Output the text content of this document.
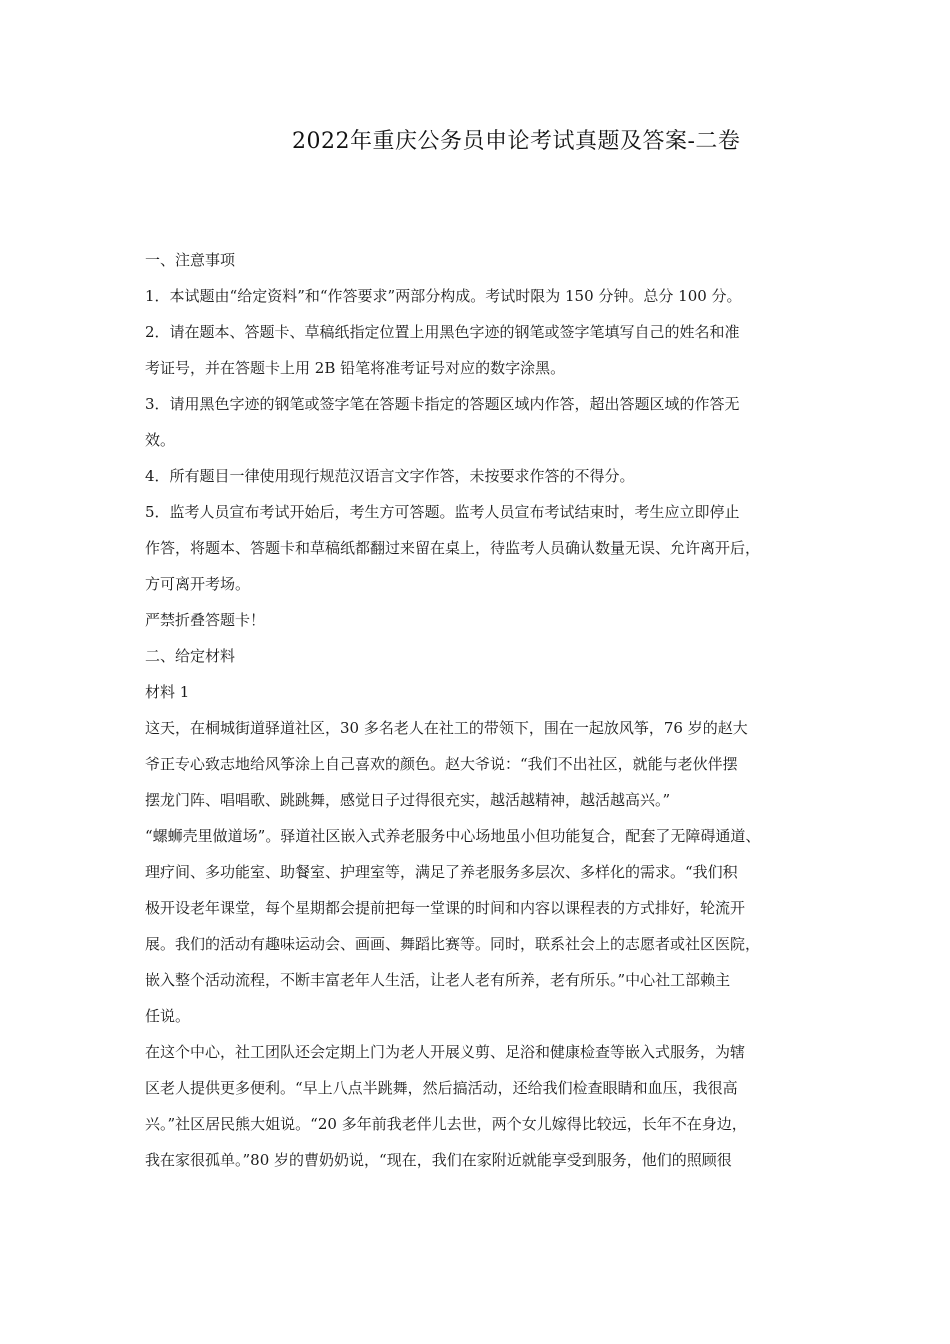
2022年重庆公务员申论考试真题及答案-二卷
一、注意事项
1．本试题由“给定资料”和“作答要求”两部分构成。考试时限为 150 分钟。总分 100 分。
2．请在题本、答题卡、草稿纸指定位置上用黑色字迹的钢笔或签字笔填写自己的姓名和准
考证号，并在答题卡上用 2B 铅笔将准考证号对应的数字涂黑。
3．请用黑色字迹的钢笔或签字笔在答题卡指定的答题区域内作答，超出答题区域的作答无
效。
4．所有题目一律使用现行规范汉语言文字作答，未按要求作答的不得分。
5．监考人员宣布考试开始后，考生方可答题。监考人员宣布考试结束时，考生应立即停止
作答，将题本、答题卡和草稿纸都翻过来留在桌上，待监考人员确认数量无误、允许离开后，
方可离开考场。
严禁折叠答题卡！
二、给定材料
材料 1
这天，在桐城街道驿道社区，30 多名老人在社工的带领下，围在一起放风筝，76 岁的赵大
爷正专心致志地给风筝涂上自己喜欢的颜色。赵大爷说：“我们不出社区，就能与老伙伴摆
摆龙门阵、唱唱歌、跳跳舞，感觉日子过得很充实，越活越精神，越活越高兴。”
“螺蛳壳里做道场”。驿道社区嵌入式养老服务中心场地虽小但功能复合，配套了无障碍通道、
理疗间、多功能室、助餐室、护理室等，满足了养老服务多层次、多样化的需求。“我们积
极开设老年课堂，每个星期都会提前把每一堂课的时间和内容以课程表的方式排好，轮流开
展。我们的活动有趣味运动会、画画、舞蹈比赛等。同时，联系社会上的志愿者或社区医院，
嵌入整个活动流程，不断丰富老年人生活，让老人老有所养，老有所乐。”中心社工部赖主
任说。
在这个中心，社工团队还会定期上门为老人开展义剪、足浴和健康检查等嵌入式服务，为辖
区老人提供更多便利。“早上八点半跳舞，然后搞活动，还给我们检查眼睛和血压，我很高
兴。”社区居民熊大姐说。“20 多年前我老伴儿去世，两个女儿嫁得比较远，长年不在身边，
我在家很孤单。”80 岁的曹奶奶说，“现在，我们在家附近就能享受到服务，他们的照顾很
